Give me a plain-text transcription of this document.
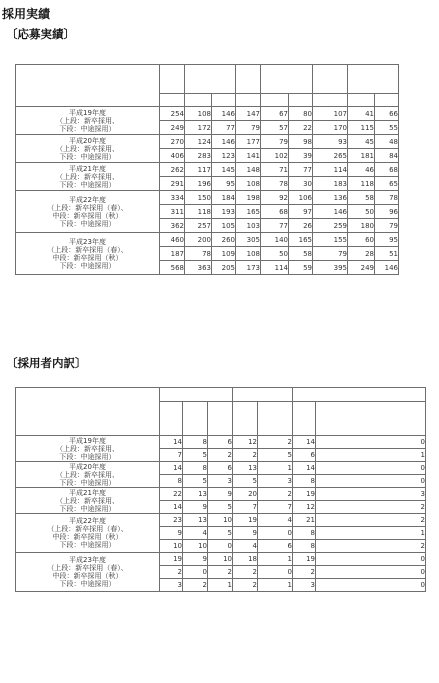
採用実績
〔応募実績〕

平成19年度
（上段：新卒採用、
下段：中途採用）	254	108	146	147	67	80	107	41	66
	249	172	77	79	57	22	170	115	55

平成20年度
（上段：新卒採用、
下段：中途採用）	270	124	146	177	79	98	93	45	48
	406	283	123	141	102	39	265	181	84

平成21年度
（上段：新卒採用、
下段：中途採用）	262	117	145	148	71	77	114	46	68
	291	196	95	108	78	30	183	118	65

平成22年度
（上段：新卒採用（春）、
中段：新卒採用（秋）
下段：中途採用）	334	150	184	198	92	106	136	58	78
	311	118	193	165	68	97	146	50	96
	362	257	105	103	77	26	259	180	79

平成23年度
（上段：新卒採用（春）、
中段：新卒採用（秋）
下段：中途採用）	460	200	260	305	140	165	155	60	95
	187	78	109	108	50	58	79	28	51
	568	363	205	173	114	59	395	249	146
〔採用者内訳〕

平成19年度
（上段：新卒採用、
下段：中途採用）	14	8	6	12	2	14	0
	7	5	2	2	5	6	1

平成20年度
（上段：新卒採用、
下段：中途採用）	14	8	6	13	1	14	0
	8	5	3	5	3	8	0

平成21年度
（上段：新卒採用、
下段：中途採用）	22	13	9	20	2	19	3
	14	9	5	7	7	12	2

平成22年度
（上段：新卒採用（春）、
中段：新卒採用（秋）
下段：中途採用）	23	13	10	19	4	21	2
	9	4	5	9	0	8	1
	10	10	0	4	6	8	2

平成23年度
（上段：新卒採用（春）、
中段：新卒採用（秋）
下段：中途採用）	19	9	10	18	1	19	0
	2	0	2	2	0	2	0
	3	2	1	2	1	3	0
